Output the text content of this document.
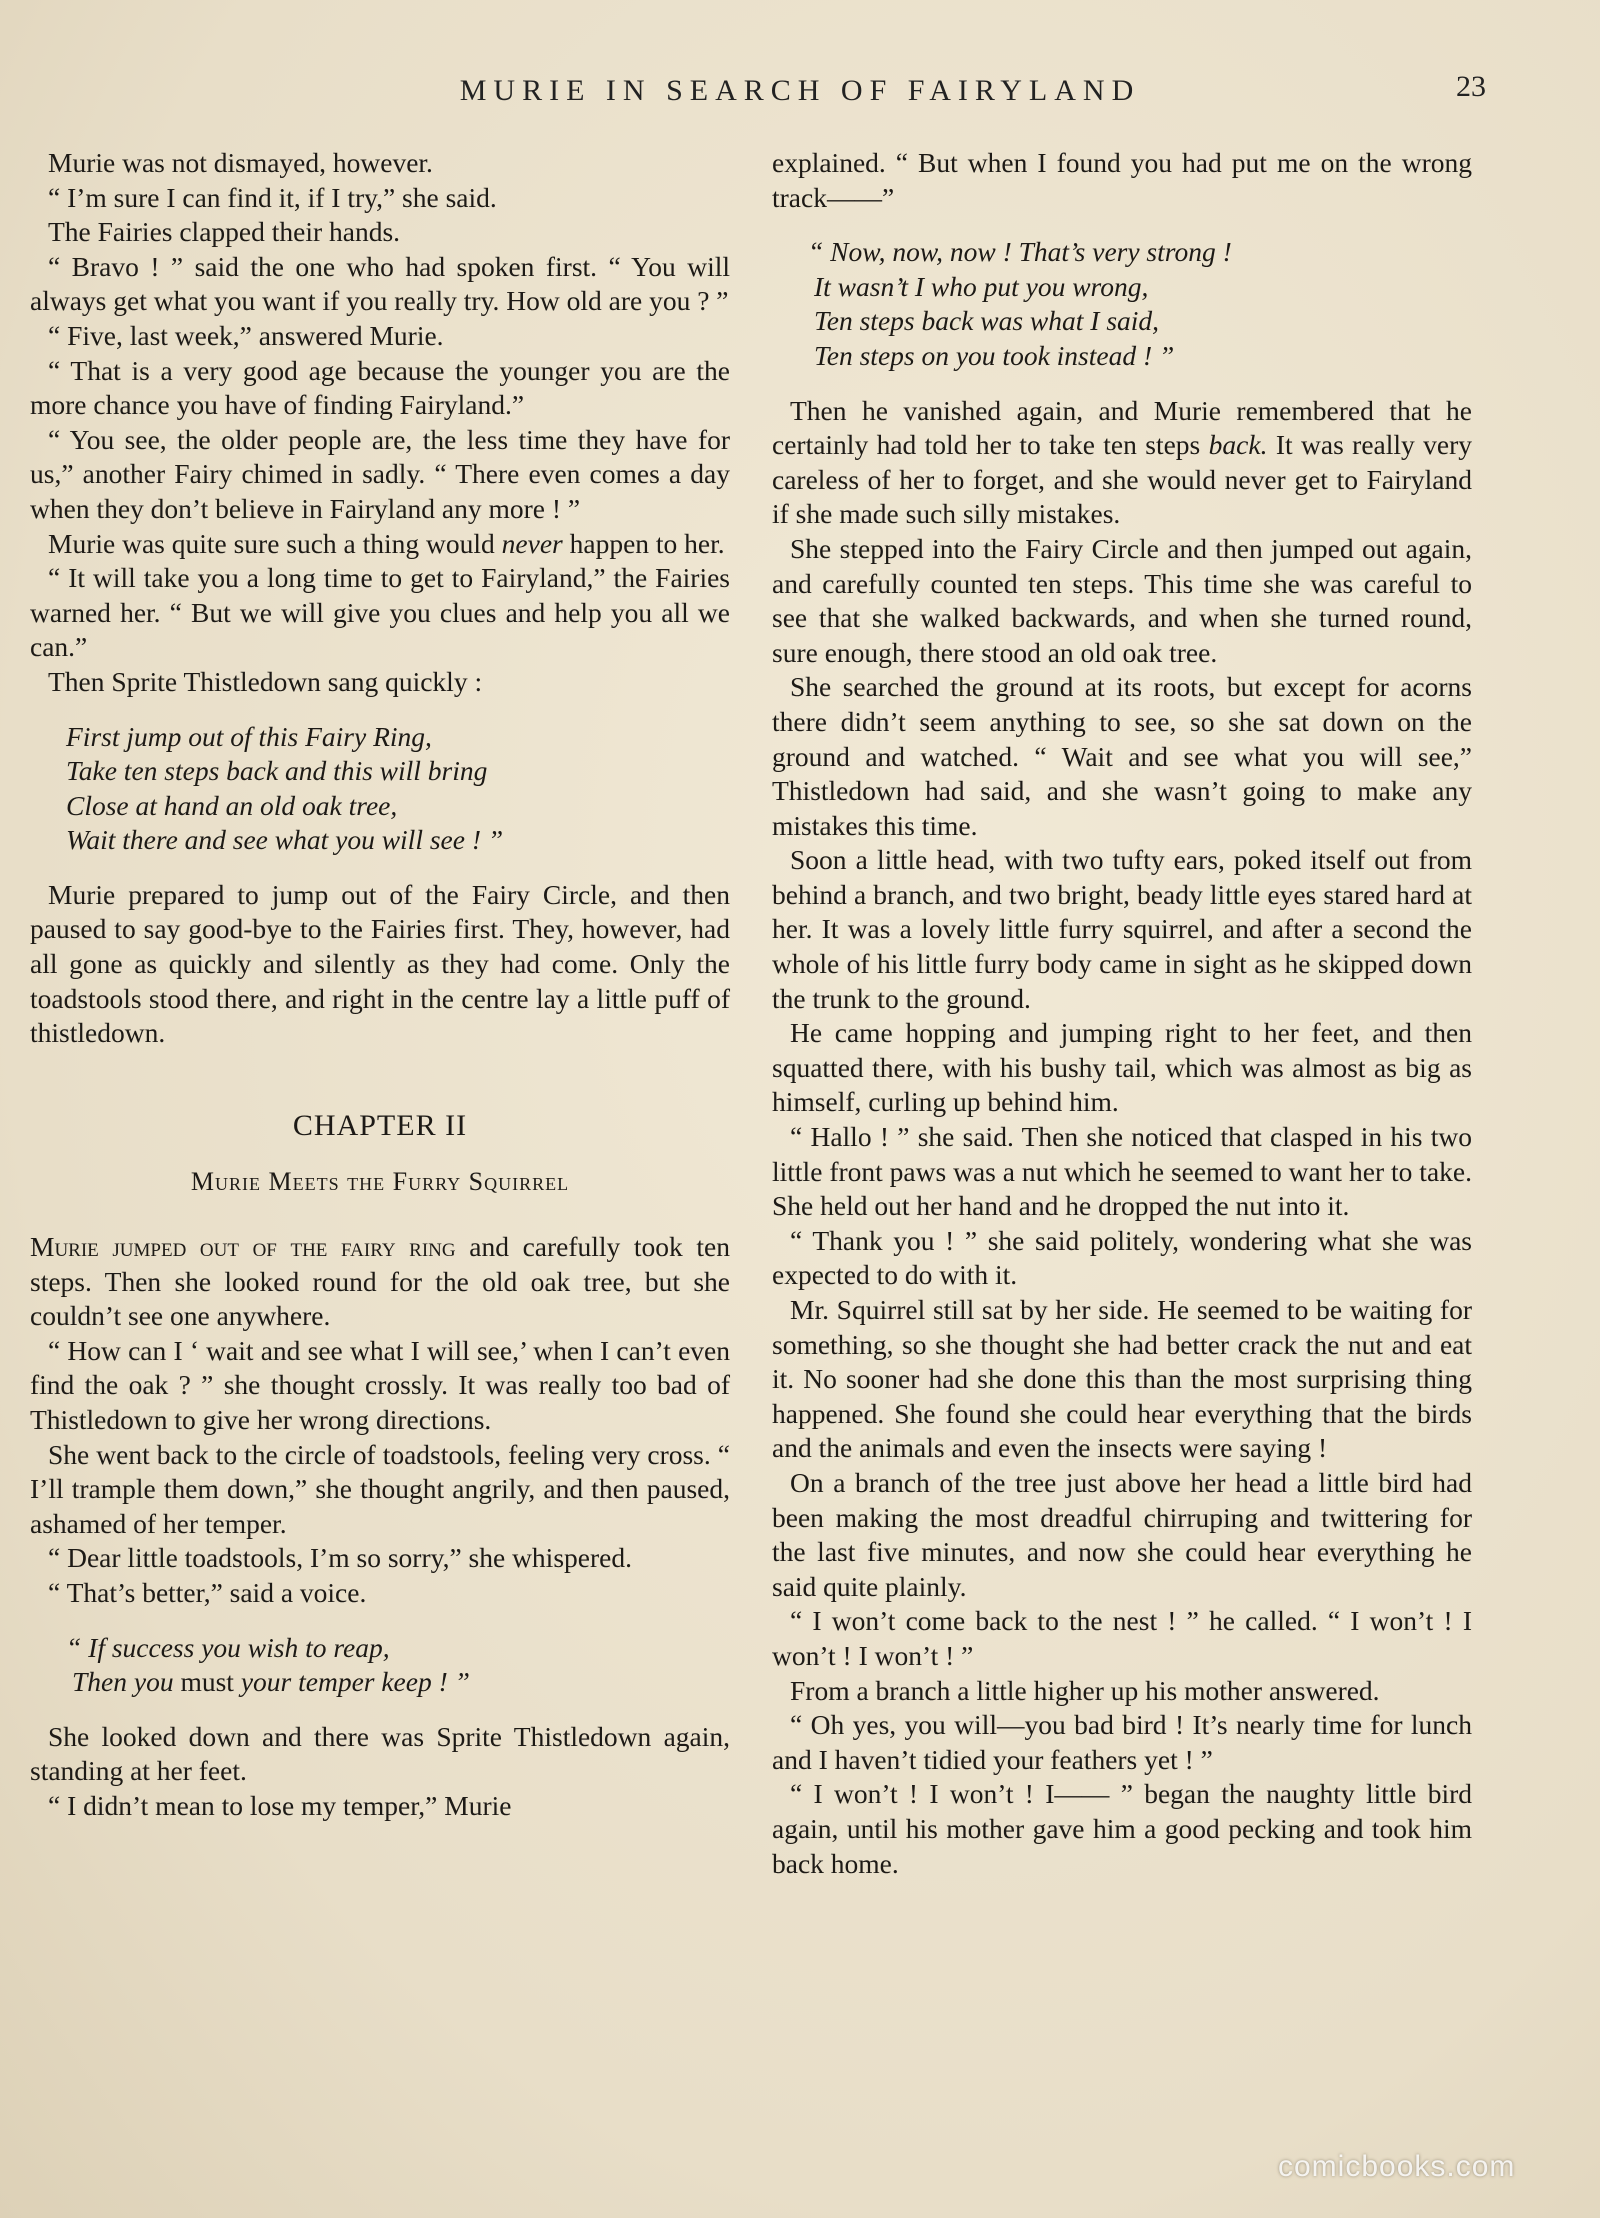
MURIE IN SEARCH OF FAIRYLAND	23

Murie was not dismayed, however.

“ I’m sure I can find it, if I try,” she said.

The Fairies clapped their hands.

“ Bravo ! ” said the one who had spoken first. “ You will always get what you want if you really try. How old are you ? ”

“ Five, last week,” answered Murie.

“ That is a very good age because the younger you are the more chance you have of finding Fairyland.”

“ You see, the older people are, the less time they have for us,” another Fairy chimed in sadly. “ There even comes a day when they don’t believe in Fairyland any more ! ”

Murie was quite sure such a thing would never happen to her.

“ It will take you a long time to get to Fairyland,” the Fairies warned her. “ But we will give you clues and help you all we can.”

Then Sprite Thistledown sang quickly :

First jump out of this Fairy Ring,
Take ten steps back and this will bring
Close at hand an old oak tree,
Wait there and see what you will see ! ”

Murie prepared to jump out of the Fairy Circle, and then paused to say good-bye to the Fairies first. They, however, had all gone as quickly and silently as they had come. Only the toadstools stood there, and right in the centre lay a little puff of thistledown.

CHAPTER II
Murie Meets the Furry Squirrel

Murie jumped out of the fairy ring and carefully took ten steps. Then she looked round for the old oak tree, but she couldn’t see one anywhere.

“ How can I ‘ wait and see what I will see,’ when I can’t even find the oak ? ” she thought crossly. It was really too bad of Thistledown to give her wrong directions.

She went back to the circle of toadstools, feeling very cross. “ I’ll trample them down,” she thought angrily, and then paused, ashamed of her temper.

“ Dear little toadstools, I’m so sorry,” she whispered.

“ That’s better,” said a voice.

“ If success you wish to reap,
Then you must your temper keep ! ”

She looked down and there was Sprite Thistledown again, standing at her feet.

“ I didn’t mean to lose my temper,” Murie

explained. “ But when I found you had put me on the wrong track——”

“ Now, now, now ! That’s very strong !
It wasn’t I who put you wrong,
Ten steps back was what I said,
Ten steps on you took instead ! ”

Then he vanished again, and Murie remembered that he certainly had told her to take ten steps back. It was really very careless of her to forget, and she would never get to Fairyland if she made such silly mistakes.

She stepped into the Fairy Circle and then jumped out again, and carefully counted ten steps. This time she was careful to see that she walked backwards, and when she turned round, sure enough, there stood an old oak tree.

She searched the ground at its roots, but except for acorns there didn’t seem anything to see, so she sat down on the ground and watched. “ Wait and see what you will see,” Thistledown had said, and she wasn’t going to make any mistakes this time.

Soon a little head, with two tufty ears, poked itself out from behind a branch, and two bright, beady little eyes stared hard at her. It was a lovely little furry squirrel, and after a second the whole of his little furry body came in sight as he skipped down the trunk to the ground.

He came hopping and jumping right to her feet, and then squatted there, with his bushy tail, which was almost as big as himself, curling up behind him.

“ Hallo ! ” she said. Then she noticed that clasped in his two little front paws was a nut which he seemed to want her to take. She held out her hand and he dropped the nut into it.

“ Thank you ! ” she said politely, wondering what she was expected to do with it.

Mr. Squirrel still sat by her side. He seemed to be waiting for something, so she thought she had better crack the nut and eat it. No sooner had she done this than the most surprising thing happened. She found she could hear everything that the birds and the animals and even the insects were saying !

On a branch of the tree just above her head a little bird had been making the most dreadful chirruping and twittering for the last five minutes, and now she could hear everything he said quite plainly.

“ I won’t come back to the nest ! ” he called. “ I won’t ! I won’t ! I won’t ! ”

From a branch a little higher up his mother answered.

“ Oh yes, you will—you bad bird ! It’s nearly time for lunch and I haven’t tidied your feathers yet ! ”

“ I won’t ! I won’t ! I—— ” began the naughty little bird again, until his mother gave him a good pecking and took him back home.

comicbooks.com
